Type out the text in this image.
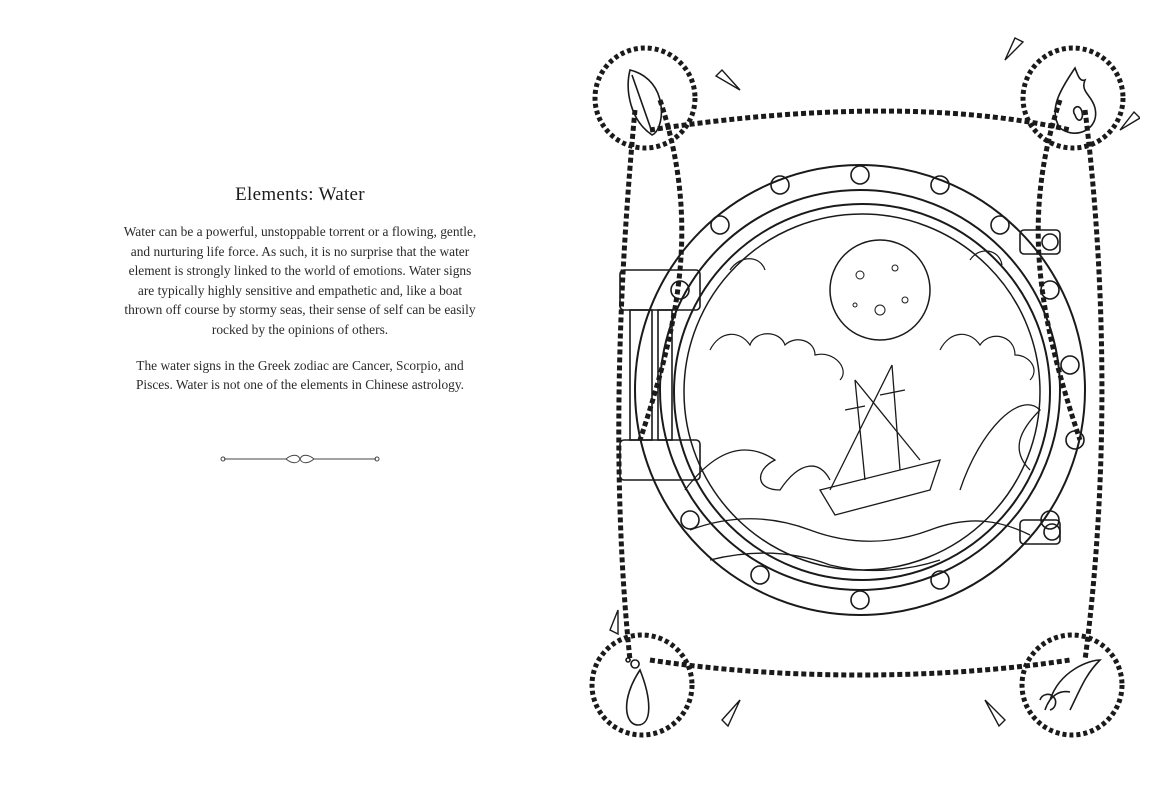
Elements: Water

Water can be a powerful, unstoppable torrent or a flowing, gentle, and nurturing life force. As such, it is no surprise that the water element is strongly linked to the world of emotions. Water signs are typically highly sensitive and empathetic and, like a boat thrown off course by stormy seas, their sense of self can be easily rocked by the opinions of others.

The water signs in the Greek zodiac are Cancer, Scorpio, and Pisces. Water is not one of the elements in Chinese astrology.
